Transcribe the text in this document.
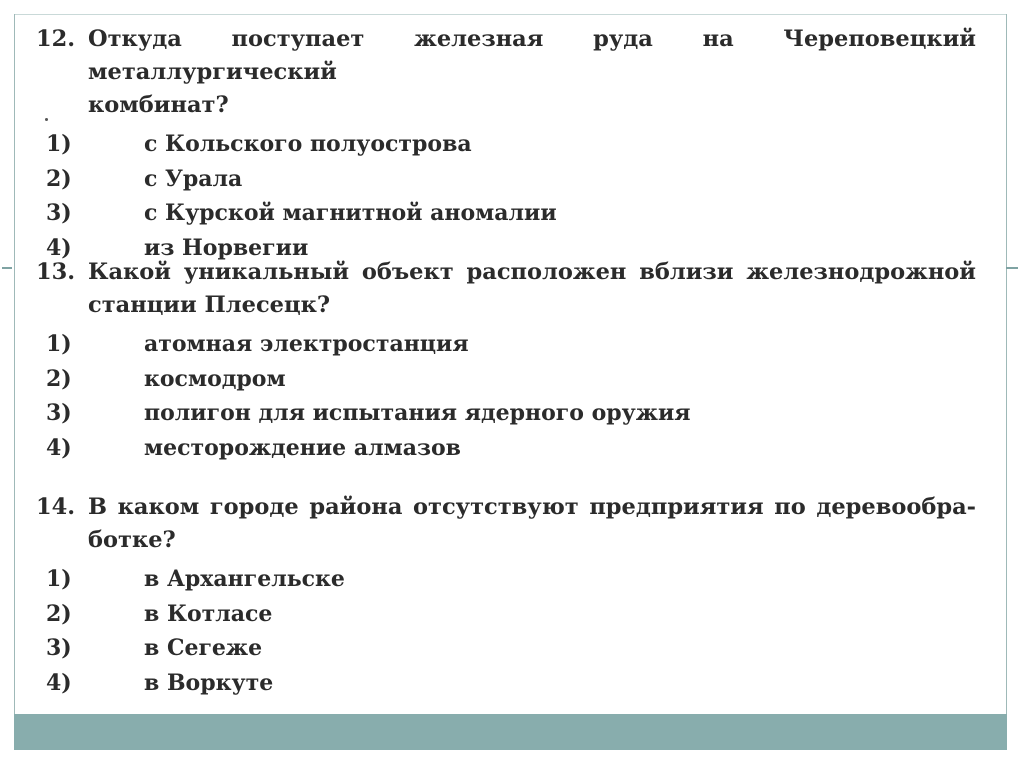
12. Откуда поступает железная руда на Череповецкий металлургический
комбинат?
1)	с Кольского полуострова
2)	с Урала
3)	с Курской магнитной аномалии
4)	из Норвегии
13. Какой уникальный объект расположен вблизи железнодрожной
станции Плесецк?
1)	атомная электростанция
2)	космодром
3)	полигон для испытания ядерного оружия
4)	месторождение алмазов
14. В каком городе района отсутствуют предприятия по деревообра-
ботке?
1)	в Архангельске
2)	в Котласе
3)	в Сегеже
4)	в Воркуте
